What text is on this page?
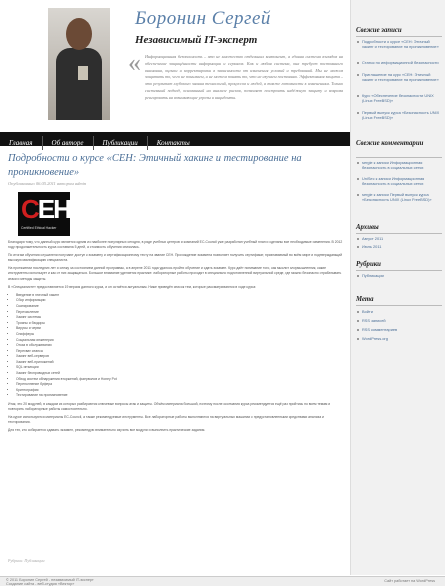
Боронин Сергей
Независимый IT-эксперт
« Информационная безопасность – это не множество отдельных компонент, а единая система взглядов на обеспечение защищённости информации и сервисов. Как и любая система, она требует постоянного внимания, оценки и корректировки в зависимости от изменения условий и требований. Мы не можем защитить то, чего не понимаем, и не можем понять то, что не изучаем постоянно. Эффективная защита – это результат глубокого знания технологий, процессов и людей, а также готовности к изменениям. Только системный подход, основанный на анализе рисков, позволяет построить надёжную защиту и вовремя реагировать на возникающие угрозы и инциденты.
Главная	Об авторе	Публикации	Контакты
Подробности о курсе «CEH: Этичный хакинг и тестирование на проникновение»
Опубликовано 06.05.2011 автором admin
CEH
Certified Ethical Hacker

Благодаря тому, что данный курс является одним из наиболее популярных сегодня, в ряде учебных центров и компаний EC-Council уже разработан учебный план и сделаны все необходимые изменения. В 2012 году продолжительность курса составила 5 дней, а стоимость обучения снизилась.

По итогам обучения слушатели получают доступ к экзамену и сертификационному тесту на звание CEH. Прохождение экзамена позволяет получить сертификат, признаваемый во всём мире и подтверждающий высокую квалификацию специалиста.

На протяжении последних лет я слежу за состоянием данной программы, а в апреле 2011 года удалось пройти обучение и сдать экзамен. Курс даёт понимание того, как мыслит злоумышленник, какие инструменты использует и как от них защищаться. Большое внимание уделяется практике: лабораторные работы проходят в специально подготовленной виртуальной среде, где можно безопасно отрабатывать атаки и методы защиты.

В «Специалисте» предоставляется 19 версия данного курса, и он остаётся актуальным. Ниже приведён список тем, которые рассматриваются в ходе курса:

• Введение в этичный хакинг
• Сбор информации
• Сканирование
• Перечисление
• Хакинг системы
• Трояны и бэкдоры
• Вирусы и черви
• Снифферы
• Социальная инженерия
• Отказ в обслуживании
• Перехват сеанса
• Хакинг веб-серверов
• Хакинг веб-приложений
• SQL инъекции
• Хакинг беспроводных сетей
• Обход систем обнаружения вторжений, фаерволов и Honey Pot
• Переполнение буфера
• Криптография
• Тестирование на проникновение

Итак, это 20 модулей, в каждом из которых разбираются ключевые вопросы атак и защиты. Объём материала большой, поэтому после окончания курса рекомендуется ещё раз пройтись по всем темам и повторить лабораторные работы самостоятельно.

На курсе используются материалы EC-Council, а также рекомендуемые инструменты. Все лабораторные работы выполняются на виртуальных машинах с предустановленными средствами анализа и тестирования.

Для тех, кто собирается сдавать экзамен, рекомендую внимательно изучить все модули и выполнить практические задания.

Рубрики: Публикации
Свежие записи
Подробности о курсе «CEH: Этичный хакинг и тестирование на проникновение»
Статья по информационной безопасности
Приглашение на курс «CEH: Этичный хакинг и тестирование на проникновение»
Курс «Обеспечение безопасности UNIX (Linux FreeBSD)»
Первый выпуск курса «Безопасность UNIX (Linux FreeBSD)»
Свежие комментарии
sergie к записи Информационная безопасность в социальных сетях
UniSec к записи Информационная безопасность в социальных сетях
sergie к записи Первый выпуск курса «Безопасность UNIX (Linux FreeBSD)»
Архивы
Август 2011
Июль 2011
Рубрики
Публикации
Мета
Войти
RSS записей
RSS комментариев
WordPress.org
© 2011 Боронин Сергей - независимый IT-эксперт
Создание сайта - веб-студия «Вектор»
Сайт работает на WordPress
